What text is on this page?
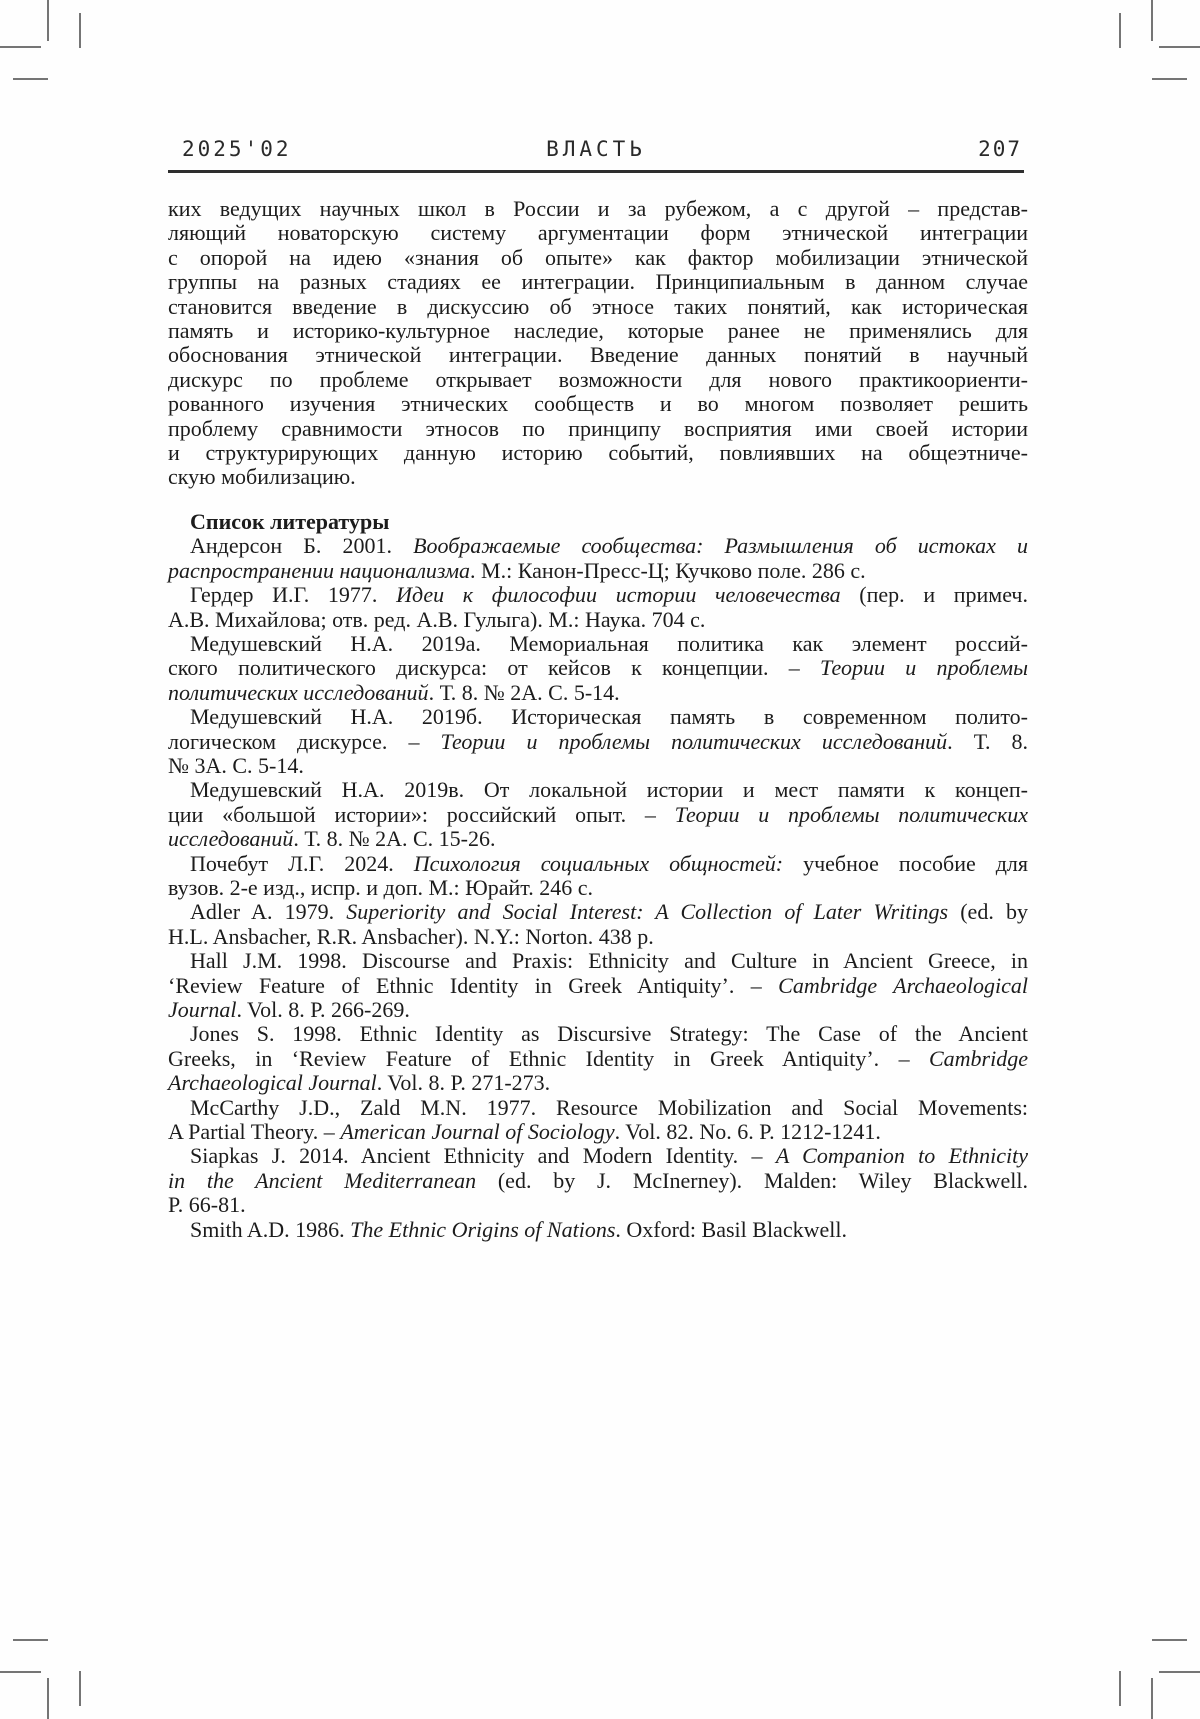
2025'02	ВЛАСТЬ	207
ких ведущих научных школ в России и за рубежом, а с другой – представ-
ляющий новаторскую систему аргументации форм этнической интеграции
с опорой на идею «знания об опыте» как фактор мобилизации этнической
группы на разных стадиях ее интеграции. Принципиальным в данном случае
становится введение в дискуссию об этносе таких понятий, как историческая
память и историко-культурное наследие, которые ранее не применялись для
обоснования этнической интеграции. Введение данных понятий в научный
дискурс по проблеме открывает возможности для нового практикоориенти-
рованного изучения этнических сообществ и во многом позволяет решить
проблему сравнимости этносов по принципу восприятия ими своей истории
и структурирующих данную историю событий, повлиявших на общеэтниче-
скую мобилизацию.
Список литературы
Андерсон Б. 2001. Воображаемые сообщества: Размышления об истоках и
распространении национализма. М.: Канон-Пресс-Ц; Кучково поле. 286 с.
Гердер И.Г. 1977. Идеи к философии истории человечества (пер. и примеч.
А.В. Михайлова; отв. ред. А.В. Гулыга). М.: Наука. 704 с.
Медушевский Н.А. 2019а. Мемориальная политика как элемент россий-
ского политического дискурса: от кейсов к концепции. – Теории и проблемы
политических исследований. Т. 8. № 2А. С. 5-14.
Медушевский Н.А. 2019б. Историческая память в современном полито-
логическом дискурсе. – Теории и проблемы политических исследований. Т. 8.
№ 3А. С. 5-14.
Медушевский Н.А. 2019в. От локальной истории и мест памяти к концеп-
ции «большой истории»: российский опыт. – Теории и проблемы политических
исследований. Т. 8. № 2А. С. 15-26.
Почебут Л.Г. 2024. Психология социальных общностей: учебное пособие для
вузов. 2-е изд., испр. и доп. М.: Юрайт. 246 с.
Adler A. 1979. Superiority and Social Interest: A Collection of Later Writings (ed. by
H.L. Ansbacher, R.R. Ansbacher). N.Y.: Norton. 438 p.
Hall J.M. 1998. Discourse and Praxis: Ethnicity and Culture in Ancient Greece, in
‘Review Feature of Ethnic Identity in Greek Antiquity’. – Cambridge Archaeological
Journal. Vol. 8. P. 266-269.
Jones S. 1998. Ethnic Identity as Discursive Strategy: The Case of the Ancient
Greeks, in ‘Review Feature of Ethnic Identity in Greek Antiquity’. – Cambridge
Archaeological Journal. Vol. 8. P. 271-273.
McCarthy J.D., Zald M.N. 1977. Resource Mobilization and Social Movements:
A Partial Theory. – American Journal of Sociology. Vol. 82. No. 6. P. 1212-1241.
Siapkas J. 2014. Ancient Ethnicity and Modern Identity. – A Companion to Ethnicity
in the Ancient Mediterranean (ed. by J. McInerney). Malden: Wiley Blackwell.
P. 66-81.
Smith A.D. 1986. The Ethnic Origins of Nations. Oxford: Basil Blackwell.
